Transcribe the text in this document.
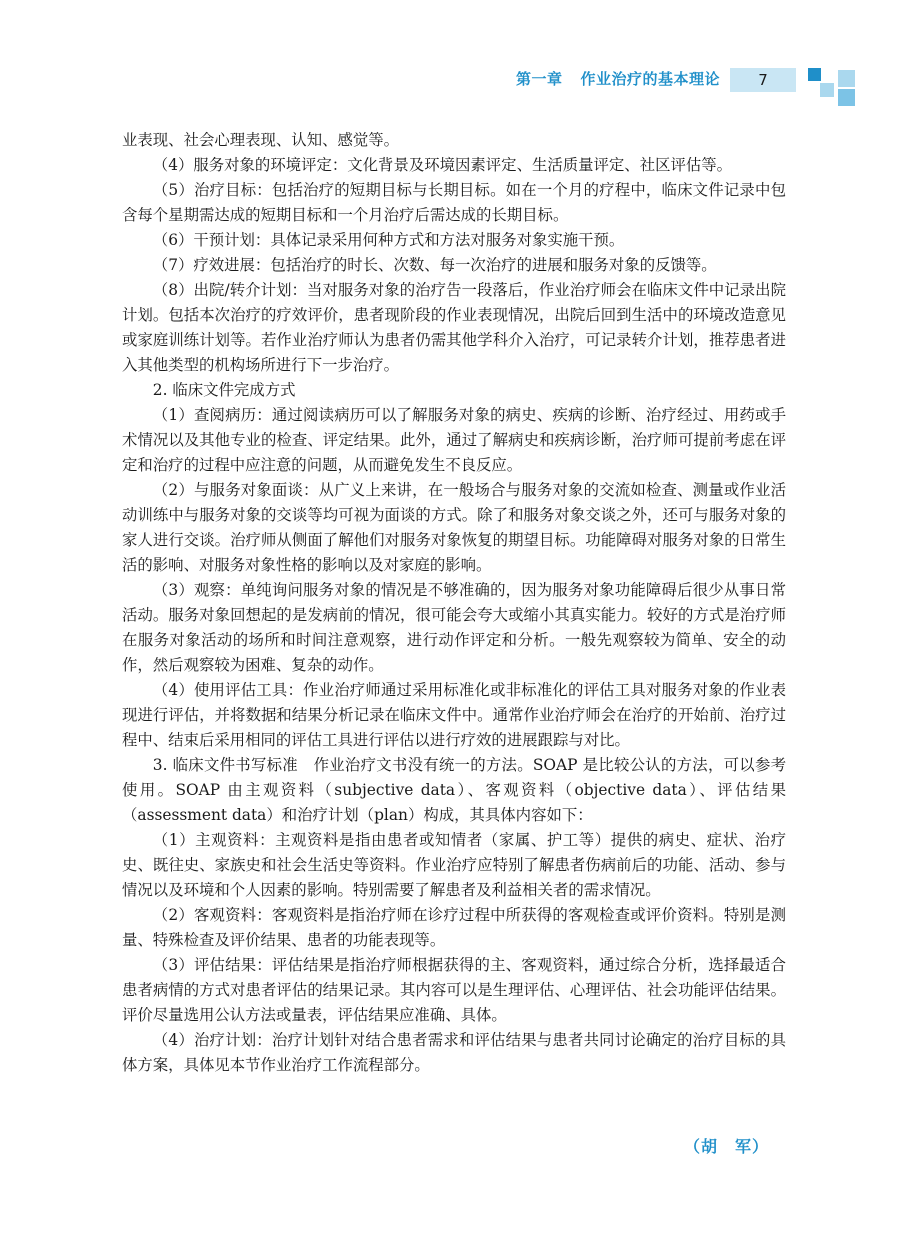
第一章 作业治疗的基本理论	7

业表现、社会心理表现、认知、感觉等。

（4）服务对象的环境评定：文化背景及环境因素评定、生活质量评定、社区评估等。

（5）治疗目标：包括治疗的短期目标与长期目标。如在一个月的疗程中，临床文件记录中包含每个星期需达成的短期目标和一个月治疗后需达成的长期目标。

（6）干预计划：具体记录采用何种方式和方法对服务对象实施干预。

（7）疗效进展：包括治疗的时长、次数、每一次治疗的进展和服务对象的反馈等。

（8）出院/转介计划：当对服务对象的治疗告一段落后，作业治疗师会在临床文件中记录出院计划。包括本次治疗的疗效评价，患者现阶段的作业表现情况，出院后回到生活中的环境改造意见或家庭训练计划等。若作业治疗师认为患者仍需其他学科介入治疗，可记录转介计划，推荐患者进入其他类型的机构场所进行下一步治疗。

2. 临床文件完成方式

（1）查阅病历：通过阅读病历可以了解服务对象的病史、疾病的诊断、治疗经过、用药或手术情况以及其他专业的检查、评定结果。此外，通过了解病史和疾病诊断，治疗师可提前考虑在评定和治疗的过程中应注意的问题，从而避免发生不良反应。

（2）与服务对象面谈：从广义上来讲，在一般场合与服务对象的交流如检查、测量或作业活动训练中与服务对象的交谈等均可视为面谈的方式。除了和服务对象交谈之外，还可与服务对象的家人进行交谈。治疗师从侧面了解他们对服务对象恢复的期望目标。功能障碍对服务对象的日常生活的影响、对服务对象性格的影响以及对家庭的影响。

（3）观察：单纯询问服务对象的情况是不够准确的，因为服务对象功能障碍后很少从事日常活动。服务对象回想起的是发病前的情况，很可能会夸大或缩小其真实能力。较好的方式是治疗师在服务对象活动的场所和时间注意观察，进行动作评定和分析。一般先观察较为简单、安全的动作，然后观察较为困难、复杂的动作。

（4）使用评估工具：作业治疗师通过采用标准化或非标准化的评估工具对服务对象的作业表现进行评估，并将数据和结果分析记录在临床文件中。通常作业治疗师会在治疗的开始前、治疗过程中、结束后采用相同的评估工具进行评估以进行疗效的进展跟踪与对比。

3. 临床文件书写标准　作业治疗文书没有统一的方法。SOAP 是比较公认的方法，可以参考使用。SOAP 由主观资料（subjective data）、客观资料（objective data）、评估结果（assessment data）和治疗计划（plan）构成，其具体内容如下：

（1）主观资料：主观资料是指由患者或知情者（家属、护工等）提供的病史、症状、治疗史、既往史、家族史和社会生活史等资料。作业治疗应特别了解患者伤病前后的功能、活动、参与情况以及环境和个人因素的影响。特别需要了解患者及利益相关者的需求情况。

（2）客观资料：客观资料是指治疗师在诊疗过程中所获得的客观检查或评价资料。特别是测量、特殊检查及评价结果、患者的功能表现等。

（3）评估结果：评估结果是指治疗师根据获得的主、客观资料，通过综合分析，选择最适合患者病情的方式对患者评估的结果记录。其内容可以是生理评估、心理评估、社会功能评估结果。评价尽量选用公认方法或量表，评估结果应准确、具体。

（4）治疗计划：治疗计划针对结合患者需求和评估结果与患者共同讨论确定的治疗目标的具体方案，具体见本节作业治疗工作流程部分。

（胡　军）
